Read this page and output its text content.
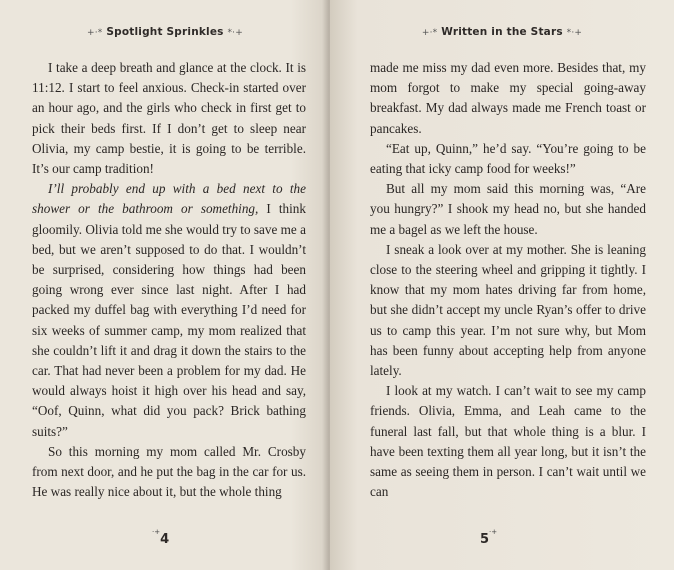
+·* Spotlight Sprinkles *·+

I take a deep breath and glance at the clock. It is 11:12. I start to feel anxious. Check-in started over an hour ago, and the girls who check in first get to pick their beds first. If I don’t get to sleep near Olivia, my camp bestie, it is going to be terrible. It’s our camp tradition!

I’ll probably end up with a bed next to the shower or the bathroom or something, I think gloomily. Olivia told me she would try to save me a bed, but we aren’t supposed to do that. I wouldn’t be surprised, considering how things had been going wrong ever since last night. After I had packed my duffel bag with everything I’d need for six weeks of summer camp, my mom realized that she couldn’t lift it and drag it down the stairs to the car. That had never been a problem for my dad. He would always hoist it high over his head and say, “Oof, Quinn, what did you pack? Brick bathing suits?”

So this morning my mom called Mr. Crosby from next door, and he put the bag in the car for us. He was really nice about it, but the whole thing

·+4
+·* Written in the Stars *·+

made me miss my dad even more. Besides that, my mom forgot to make my special going-away breakfast. My dad always made me French toast or pancakes.

“Eat up, Quinn,” he’d say. “You’re going to be eating that icky camp food for weeks!”

But all my mom said this morning was, “Are you hungry?” I shook my head no, but she handed me a bagel as we left the house.

I sneak a look over at my mother. She is leaning close to the steering wheel and gripping it tightly. I know that my mom hates driving far from home, but she didn’t accept my uncle Ryan’s offer to drive us to camp this year. I’m not sure why, but Mom has been funny about accepting help from anyone lately.

I look at my watch. I can’t wait to see my camp friends. Olivia, Emma, and Leah came to the funeral last fall, but that whole thing is a blur. I have been texting them all year long, but it isn’t the same as seeing them in person. I can’t wait until we can

5·+
